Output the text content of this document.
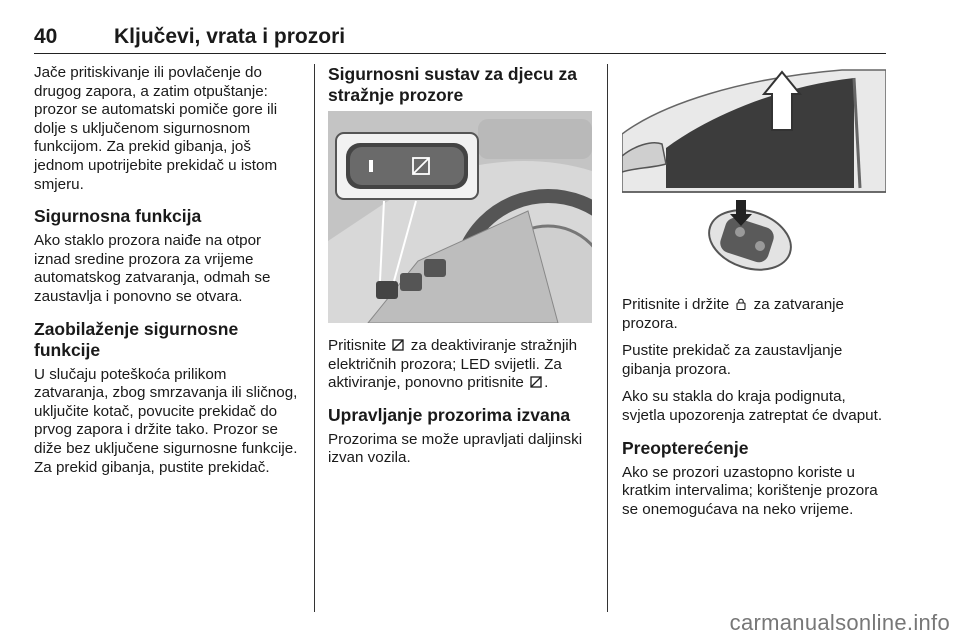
40	Ključevi, vrata i prozori

Jače pritiskivanje ili povlačenje do drugog zapora, a zatim otpuštanje: prozor se automatski pomiče gore ili dolje s uključenom sigurnosnom funkcijom. Za prekid gibanja, još jednom upotrijebite prekidač u istom smjeru.

Sigurnosna funkcija

Ako staklo prozora naiđe na otpor iznad sredine prozora za vrijeme automatskog zatvaranja, odmah se zaustavlja i ponovno se otvara.

Zaobilaženje sigurnosne funkcije

U slučaju poteškoća prilikom zatvaranja, zbog smrzavanja ili sličnog, uključite kotač, povucite prekidač do prvog zapora i držite tako. Prozor se diže bez uključene sigurnosne funkcije. Za prekid gibanja, pustite prekidač.

Sigurnosni sustav za djecu za stražnje prozore

Pritisnite za deaktiviranje stražnjih električnih prozora; LED svijetli. Za aktiviranje, ponovno pritisnite .

Upravljanje prozorima izvana

Prozorima se može upravljati daljinski izvan vozila.

Pritisnite i držite za zatvaranje prozora.

Pustite prekidač za zaustavljanje gibanja prozora.

Ako su stakla do kraja podignuta, svjetla upozorenja zatreptat će dvaput.

Preopterećenje

Ako se prozori uzastopno koriste u kratkim intervalima; korištenje prozora se onemogućava na neko vrijeme.

carmanualsonline.info
